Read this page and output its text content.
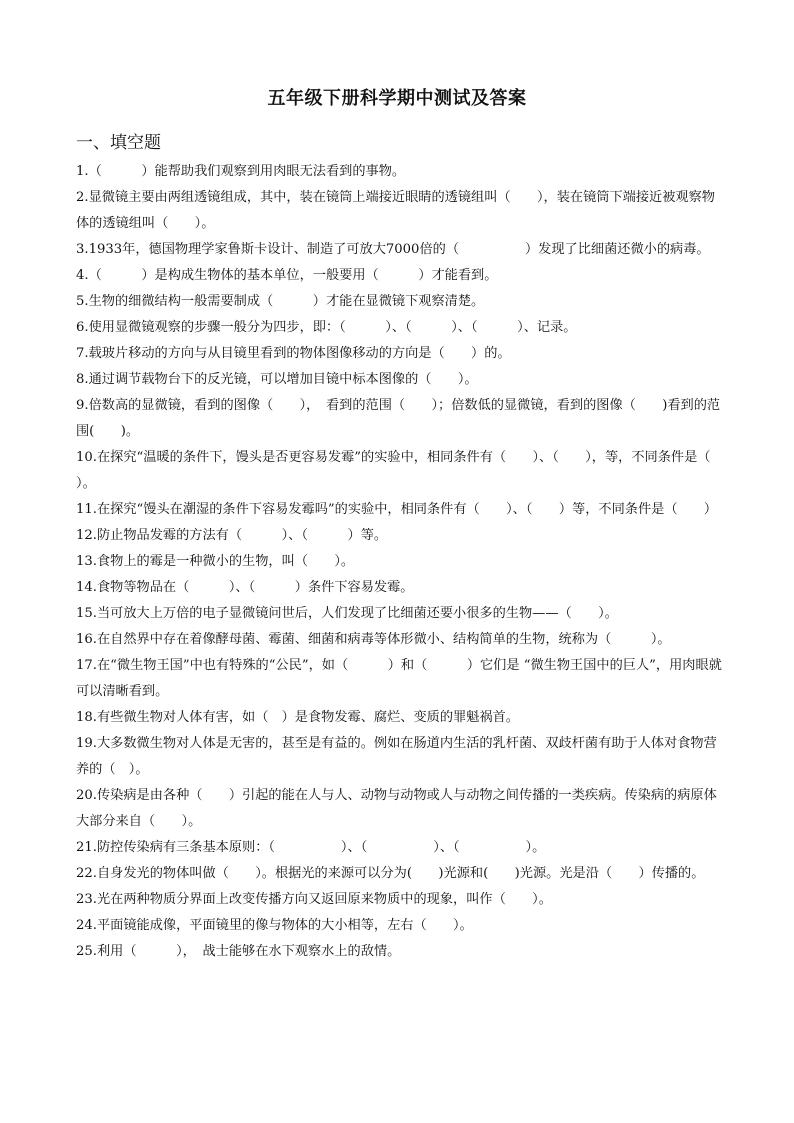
五年级下册科学期中测试及答案
一、填空题

1.（　　　）能帮助我们观察到用肉眼无法看到的事物。

2.显微镜主要由两组透镜组成，其中，装在镜筒上端接近眼睛的透镜组叫（　　），装在镜筒下端接近被观察物体的透镜组叫（　　）。

3.1933年，德国物理学家鲁斯卡设计、制造了可放大7000倍的（　　　　　）发现了比细菌还微小的病毒。

4.（　　　）是构成生物体的基本单位，一般要用（　　　）才能看到。

5.生物的细微结构一般需要制成（　　　）才能在显微镜下观察清楚。

6.使用显微镜观察的步骤一般分为四步，即：（　　　）、（　　　）、（　　　）、记录。

7.载玻片移动的方向与从目镜里看到的物体图像移动的方向是（　　）的。

8.通过调节载物台下的反光镜，可以增加目镜中标本图像的（　　）。

9.倍数高的显微镜，看到的图像（　　），　看到的范围（　　）；倍数低的显微镜，看到的图像（　　)看到的范围(　　)。

10.在探究“温暖的条件下，馒头是否更容易发霉”的实验中，相同条件有（　　）、（　　），等，不同条件是（　　）。

11.在探究“馒头在潮湿的条件下容易发霉吗”的实验中，相同条件有（　　）、（　　）等，不同条件是（　　）

12.防止物品发霉的方法有（　　　）、（　　　）等。

13.食物上的霉是一种微小的生物，叫（　　）。

14.食物等物品在（　　　）、（　　　）条件下容易发霉。

15.当可放大上万倍的电子显微镜问世后，人们发现了比细菌还要小很多的生物——（　　）。

16.在自然界中存在着像酵母菌、霉菌、细菌和病毒等体形微小、结构简单的生物，统称为（　　　）。

17.在“微生物王国”中也有特殊的“公民”，如（　　　）和（　　　）它们是 “微生物王国中的巨人”，用肉眼就可以清晰看到。

18.有些微生物对人体有害，如（　）是食物发霉、腐烂、变质的罪魁祸首。

19.大多数微生物对人体是无害的，甚至是有益的。例如在肠道内生活的乳杆菌、双歧杆菌有助于人体对食物营养的（　）。

20.传染病是由各种（　　）引起的能在人与人、动物与动物或人与动物之间传播的一类疾病。传染病的病原体大部分来自（　　）。

21.防控传染病有三条基本原则：（　　　　　）、（　　　　　）、（　　　　　）。

22.自身发光的物体叫做（　　）。根据光的来源可以分为(　　)光源和(　　)光源。光是沿（　　）传播的。

23.光在两种物质分界面上改变传播方向又返回原来物质中的现象，叫作（　　）。

24.平面镜能成像，平面镜里的像与物体的大小相等，左右（　　）。

25.利用（　　　），　战士能够在水下观察水上的敌情。
